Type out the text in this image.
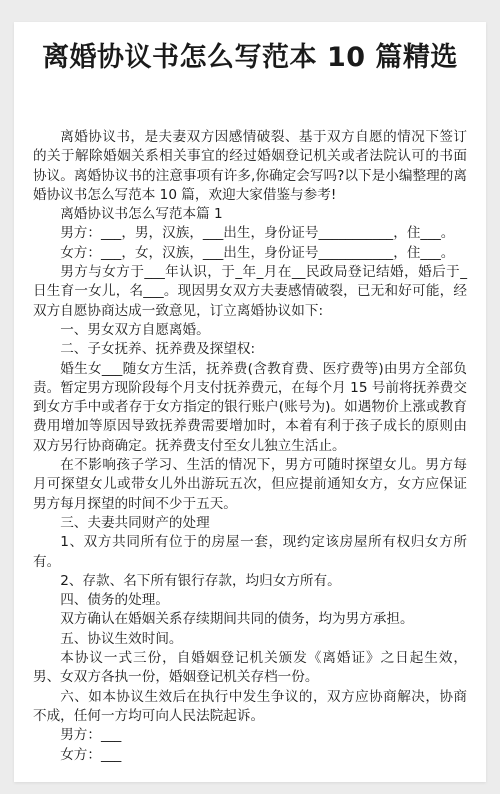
离婚协议书怎么写范本 10 篇精选

离婚协议书，是夫妻双方因感情破裂、基于双方自愿的情况下签订的关于解除婚姻关系相关事宜的经过婚姻登记机关或者法院认可的书面协议。离婚协议书的注意事项有许多,你确定会写吗?以下是小编整理的离婚协议书怎么写范本 10 篇，欢迎大家借鉴与参考!

离婚协议书怎么写范本篇 1

男方：___，男，汉族，___出生，身份证号___________，住___。

女方：___，女，汉族，___出生，身份证号___________，住___。

男方与女方于___年认识，于_年_月在__民政局登记结婚，婚后于_日生育一女儿，名___。现因男女双方夫妻感情破裂，已无和好可能，经双方自愿协商达成一致意见，订立离婚协议如下:

一、男女双方自愿离婚。

二、子女抚养、抚养费及探望权:

婚生女___随女方生活，抚养费(含教育费、医疗费等)由男方全部负责。暂定男方现阶段每个月支付抚养费元，在每个月 15 号前将抚养费交到女方手中或者存于女方指定的银行账户(账号为)。如遇物价上涨或教育费用增加等原因导致抚养费需要增加时，本着有利于孩子成长的原则由双方另行协商确定。抚养费支付至女儿独立生活止。

在不影响孩子学习、生活的情况下，男方可随时探望女儿。男方每月可探望女儿或带女儿外出游玩五次，但应提前通知女方，女方应保证男方每月探望的时间不少于五天。

三、夫妻共同财产的处理

1、双方共同所有位于的房屋一套，现约定该房屋所有权归女方所有。

2、存款、名下所有银行存款，均归女方所有。

四、债务的处理。

双方确认在婚姻关系存续期间共同的债务，均为男方承担。

五、协议生效时间。

本协议一式三份，自婚姻登记机关颁发《离婚证》之日起生效，男、女双方各执一份，婚姻登记机关存档一份。

六、如本协议生效后在执行中发生争议的，双方应协商解决，协商不成，任何一方均可向人民法院起诉。

男方：___

女方：___
